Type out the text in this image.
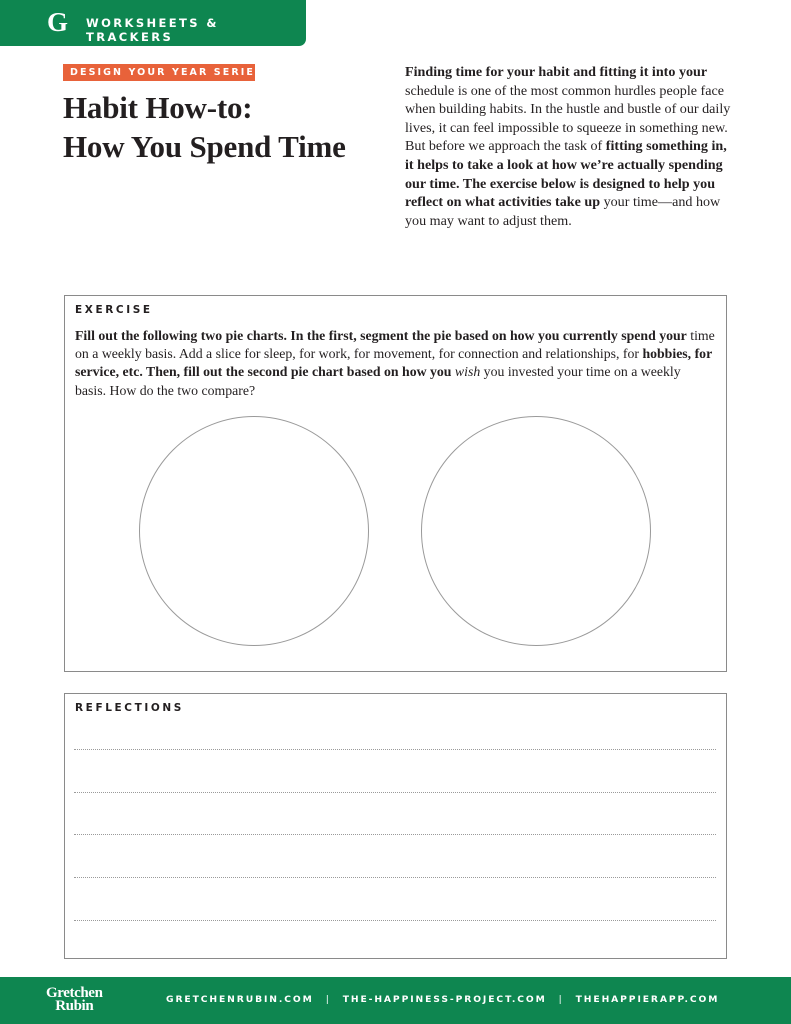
G WORKSHEETS & TRACKERS
DESIGN YOUR YEAR SERIES
Habit How-to:
How You Spend Time
Finding time for your habit and fitting it into your schedule is one of the most common hurdles people face when building habits. In the hustle and bustle of our daily lives, it can feel impossible to squeeze in something new. But before we approach the task of fitting something in, it helps to take a look at how we’re actually spending our time. The exercise below is designed to help you reflect on what activities take up your time—and how you may want to adjust them.
EXERCISE
Fill out the following two pie charts. In the first, segment the pie based on how you currently spend your time on a weekly basis. Add a slice for sleep, for work, for movement, for connection and relationships, for hobbies, for service, etc. Then, fill out the second pie chart based on how you wish you invested your time on a weekly basis. How do the two compare?
REFLECTIONS
Gretchen
Rubin	GRETCHENRUBIN.COM | THE-HAPPINESS-PROJECT.COM | THEHAPPIERAPP.COM
